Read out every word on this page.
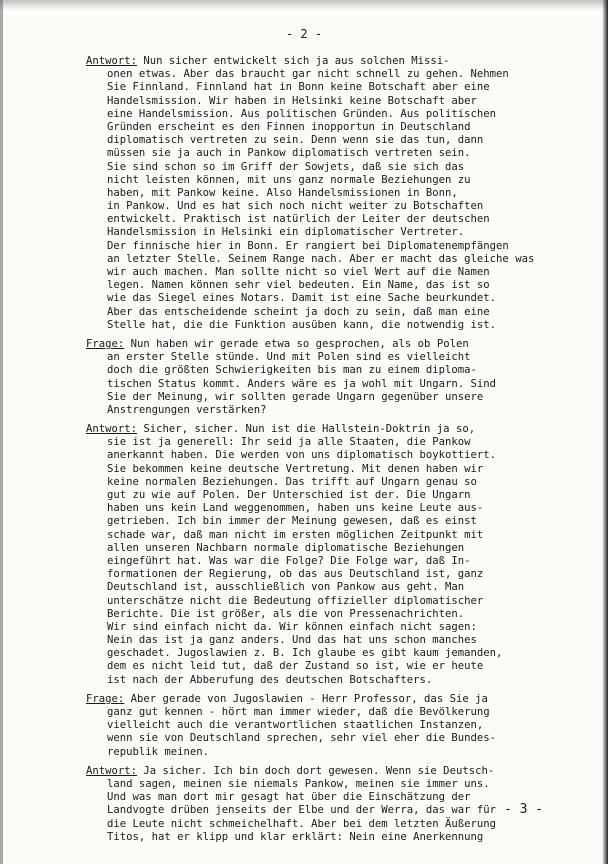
- 2 -
Antwort: Nun sicher entwickelt sich ja aus solchen Missi-
onen etwas. Aber das braucht gar nicht schnell zu gehen. Nehmen
Sie Finnland. Finnland hat in Bonn keine Botschaft aber eine
Handelsmission. Wir haben in Helsinki keine Botschaft aber
eine Handelsmission. Aus politischen Gründen. Aus politischen
Gründen erscheint es den Finnen inopportun in Deutschland
diplomatisch vertreten zu sein. Denn wenn sie das tun, dann
müssen sie ja auch in Pankow diplomatisch vertreten sein.
Sie sind schon so im Griff der Sowjets, daß sie sich das
nicht leisten können, mit uns ganz normale Beziehungen zu
haben, mit Pankow keine. Also Handelsmissionen in Bonn,
in Pankow. Und es hat sich noch nicht weiter zu Botschaften
entwickelt. Praktisch ist natürlich der Leiter der deutschen
Handelsmission in Helsinki ein diplomatischer Vertreter.
Der finnische hier in Bonn. Er rangiert bei Diplomatenempfängen
an letzter Stelle. Seinem Range nach. Aber er macht das gleiche was
wir auch machen. Man sollte nicht so viel Wert auf die Namen
legen. Namen können sehr viel bedeuten. Ein Name, das ist so
wie das Siegel eines Notars. Damit ist eine Sache beurkundet.
Aber das entscheidende scheint ja doch zu sein, daß man eine
Stelle hat, die die Funktion ausüben kann, die notwendig ist.
Frage: Nun haben wir gerade etwa so gesprochen, als ob Polen
an erster Stelle stünde. Und mit Polen sind es vielleicht
doch die größten Schwierigkeiten bis man zu einem diploma-
tischen Status kommt. Anders wäre es ja wohl mit Ungarn. Sind
Sie der Meinung, wir sollten gerade Ungarn gegenüber unsere
Anstrengungen verstärken?
Antwort: Sicher, sicher. Nun ist die Hallstein-Doktrin ja so,
sie ist ja generell: Ihr seid ja alle Staaten, die Pankow
anerkannt haben. Die werden von uns diplomatisch boykottiert.
Sie bekommen keine deutsche Vertretung. Mit denen haben wir
keine normalen Beziehungen. Das trifft auf Ungarn genau so
gut zu wie auf Polen. Der Unterschied ist der. Die Ungarn
haben uns kein Land weggenommen, haben uns keine Leute aus-
getrieben. Ich bin immer der Meinung gewesen, daß es einst
schade war, daß man nicht im ersten möglichen Zeitpunkt mit
allen unseren Nachbarn normale diplomatische Beziehungen
eingeführt hat. Was war die Folge? Die Folge war, daß In-
formationen der Regierung, ob das aus Deutschland ist, ganz
Deutschland ist, ausschließlich von Pankow aus geht. Man
unterschätze nicht die Bedeutung offizieller diplomatischer
Berichte. Die ist größer, als die von Pressenachrichten.
Wir sind einfach nicht da. Wir können einfach nicht sagen:
Nein das ist ja ganz anders. Und das hat uns schon manches
geschadet. Jugoslawien z. B. Ich glaube es gibt kaum jemanden,
dem es nicht leid tut, daß der Zustand so ist, wie er heute
ist nach der Abberufung des deutschen Botschafters.
Frage: Aber gerade von Jugoslawien - Herr Professor, das Sie ja
ganz gut kennen - hört man immer wieder, daß die Bevölkerung
vielleicht auch die verantwortlichen staatlichen Instanzen,
wenn sie von Deutschland sprechen, sehr viel eher die Bundes-
republik meinen.
Antwort: Ja sicher. Ich bin doch dort gewesen. Wenn sie Deutsch-
land sagen, meinen sie niemals Pankow, meinen sie immer uns.
Und was man dort mir gesagt hat über die Einschätzung der
Landvogte drüben jenseits der Elbe und der Werra, das war für
die Leute nicht schmeichelhaft. Aber bei dem letzten Äußerung
Titos, hat er klipp und klar erklärt: Nein eine Anerkennung
- 3 -
